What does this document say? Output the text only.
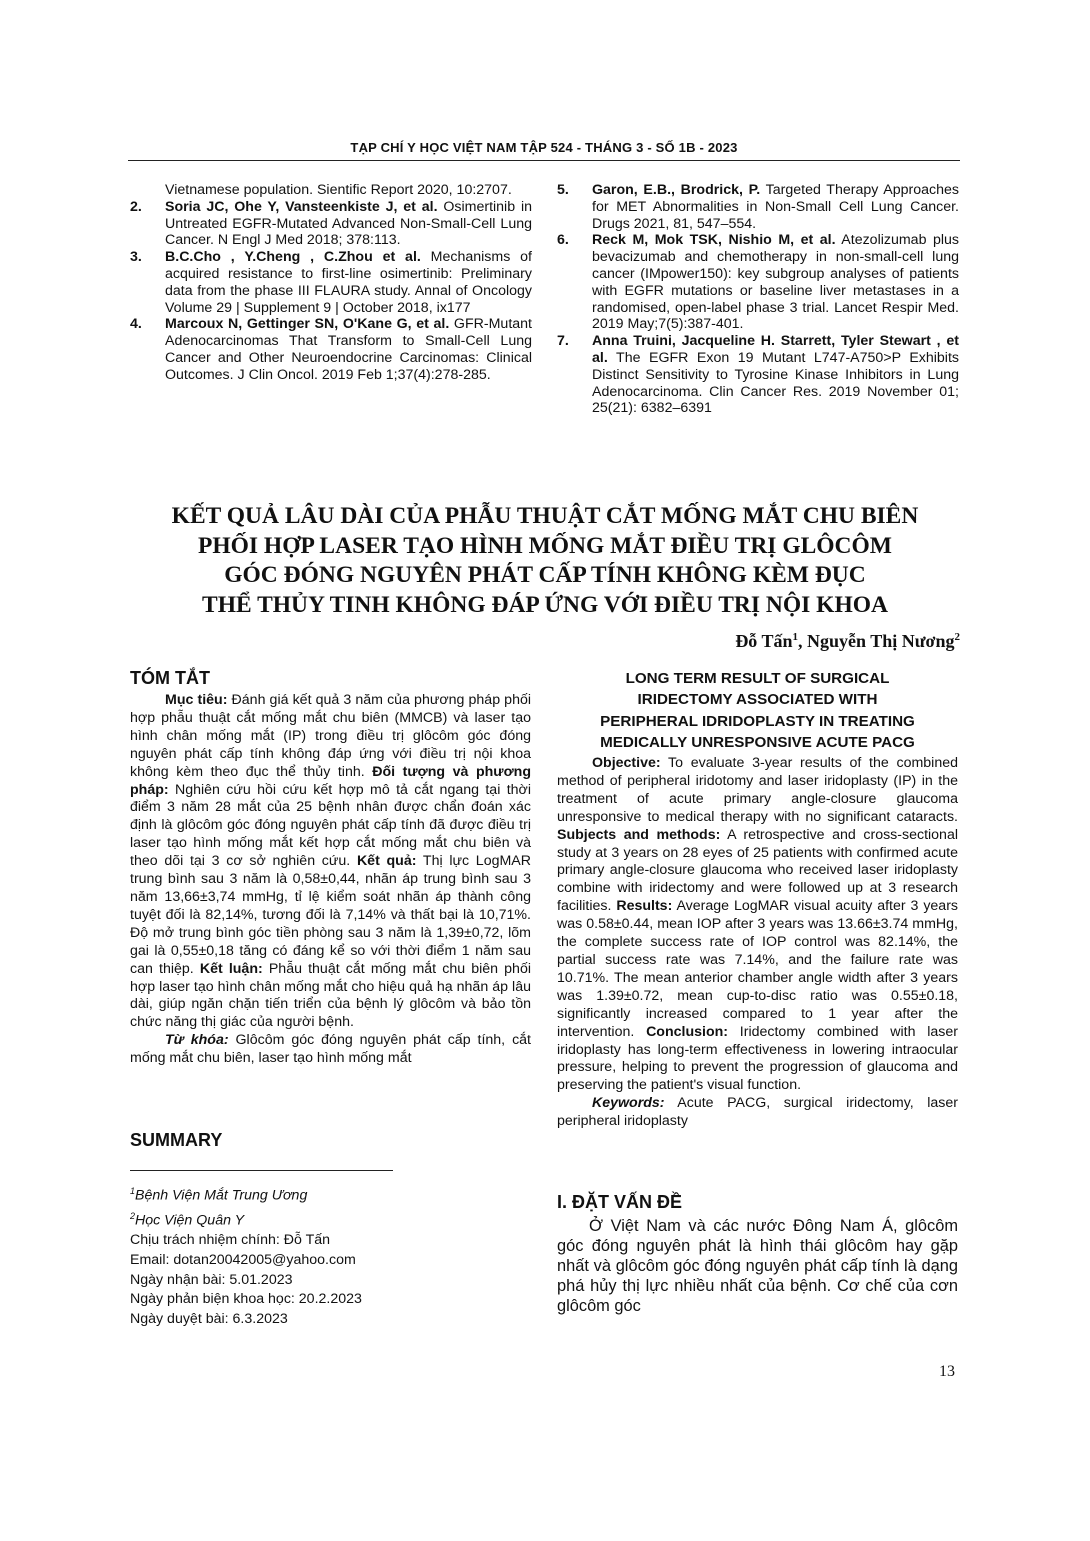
TẠP CHÍ Y HỌC VIỆT NAM TẬP 524 - THÁNG 3 - SỐ 1B - 2023
Vietnamese population. Sientific Report 2020, 10:2707.
2. Soria JC, Ohe Y, Vansteenkiste J, et al. Osimertinib in Untreated EGFR-Mutated Advanced Non-Small-Cell Lung Cancer. N Engl J Med 2018; 378:113.
3. B.C.Cho , Y.Cheng , C.Zhou et al. Mechanisms of acquired resistance to first-line osimertinib: Preliminary data from the phase III FLAURA study. Annal of Oncology Volume 29 | Supplement 9 | October 2018, ix177
4. Marcoux N, Gettinger SN, O'Kane G, et al. GFR-Mutant Adenocarcinomas That Transform to Small-Cell Lung Cancer and Other Neuroendocrine Carcinomas: Clinical Outcomes. J Clin Oncol. 2019 Feb 1;37(4):278-285.
5. Garon, E.B., Brodrick, P. Targeted Therapy Approaches for MET Abnormalities in Non-Small Cell Lung Cancer. Drugs 2021, 81, 547–554.
6. Reck M, Mok TSK, Nishio M, et al. Atezolizumab plus bevacizumab and chemotherapy in non-small-cell lung cancer (IMpower150): key subgroup analyses of patients with EGFR mutations or baseline liver metastases in a randomised, open-label phase 3 trial. Lancet Respir Med. 2019 May;7(5):387-401.
7. Anna Truini, Jacqueline H. Starrett, Tyler Stewart , et al. The EGFR Exon 19 Mutant L747-A750>P Exhibits Distinct Sensitivity to Tyrosine Kinase Inhibitors in Lung Adenocarcinoma. Clin Cancer Res. 2019 November 01; 25(21): 6382–6391
KẾT QUẢ LÂU DÀI CỦA PHẪU THUẬT CẮT MỐNG MẮT CHU BIÊN
PHỐI HỢP LASER TẠO HÌNH MỐNG MẮT ĐIỀU TRỊ GLÔCÔM
GÓC ĐÓNG NGUYÊN PHÁT CẤP TÍNH KHÔNG KÈM ĐỤC
THỂ THỦY TINH KHÔNG ĐÁP ỨNG VỚI ĐIỀU TRỊ NỘI KHOA
Đỗ Tấn$^1$, Nguyễn Thị Nương$^2$
TÓM TẮT

Mục tiêu: Đánh giá kết quả 3 năm của phương pháp phối hợp phẫu thuật cắt mống mắt chu biên (MMCB) và laser tạo hình chân mống mắt (IP) trong điều trị glôcôm góc đóng nguyên phát cấp tính không đáp ứng với điều trị nội khoa không kèm theo đục thể thủy tinh. Đối tượng và phương pháp: Nghiên cứu hồi cứu kết hợp mô tả cắt ngang tại thời điểm 3 năm 28 mắt của 25 bệnh nhân được chẩn đoán xác định là glôcôm góc đóng nguyên phát cấp tính đã được điều trị laser tạo hình mống mắt kết hợp cắt mống mắt chu biên và theo dõi tại 3 cơ sở nghiên cứu. Kết quả: Thị lực LogMAR trung bình sau 3 năm là 0,58±0,44, nhãn áp trung bình sau 3 năm 13,66±3,74 mmHg, tỉ lệ kiểm soát nhãn áp thành công tuyệt đối là 82,14%, tương đối là 7,14% và thất bại là 10,71%. Độ mở trung bình góc tiền phòng sau 3 năm là 1,39±0,72, lõm gai là 0,55±0,18 tăng có đáng kể so với thời điểm 1 năm sau can thiệp. Kết luận: Phẫu thuật cắt mống mắt chu biên phối hợp laser tạo hình chân mống mắt cho hiệu quả hạ nhãn áp lâu dài, giúp ngăn chặn tiến triển của bệnh lý glôcôm và bảo tồn chức năng thị giác của người bệnh.

Từ khóa: Glôcôm góc đóng nguyên phát cấp tính, cắt mống mắt chu biên, laser tạo hình mống mắt

SUMMARY
$^1$Bệnh Viện Mắt Trung Ương
$^2$Học Viện Quân Y
Chịu trách nhiệm chính: Đỗ Tấn
Email: dotan20042005@yahoo.com
Ngày nhận bài: 5.01.2023
Ngày phản biện khoa học: 20.2.2023
Ngày duyệt bài: 6.3.2023
LONG TERM RESULT OF SURGICAL
IRIDECTOMY ASSOCIATED WITH
PERIPHERAL IDRIDOPLASTY IN TREATING
MEDICALLY UNRESPONSIVE ACUTE PACG

Objective: To evaluate 3-year results of the combined method of peripheral iridotomy and laser iridoplasty (IP) in the treatment of acute primary angle-closure glaucoma unresponsive to medical therapy with no significant cataracts. Subjects and methods: A retrospective and cross-sectional study at 3 years on 28 eyes of 25 patients with confirmed acute primary angle-closure glaucoma who received laser iridoplasty combine with iridectomy and were followed up at 3 research facilities. Results: Average LogMAR visual acuity after 3 years was 0.58±0.44, mean IOP after 3 years was 13.66±3.74 mmHg, the complete success rate of IOP control was 82.14%, the partial success rate was 7.14%, and the failure rate was 10.71%. The mean anterior chamber angle width after 3 years was 1.39±0.72, mean cup-to-disc ratio was 0.55±0.18, significantly increased compared to 1 year after the intervention. Conclusion: Iridectomy combined with laser iridoplasty has long-term effectiveness in lowering intraocular pressure, helping to prevent the progression of glaucoma and preserving the patient's visual function.

Keywords: Acute PACG, surgical iridectomy, laser peripheral iridoplasty

I. ĐẶT VẤN ĐỀ

Ở Việt Nam và các nước Đông Nam Á, glôcôm góc đóng nguyên phát là hình thái glôcôm hay gặp nhất và glôcôm góc đóng nguyên phát cấp tính là dạng phá hủy thị lực nhiều nhất của bệnh. Cơ chế của cơn glôcôm góc

13
